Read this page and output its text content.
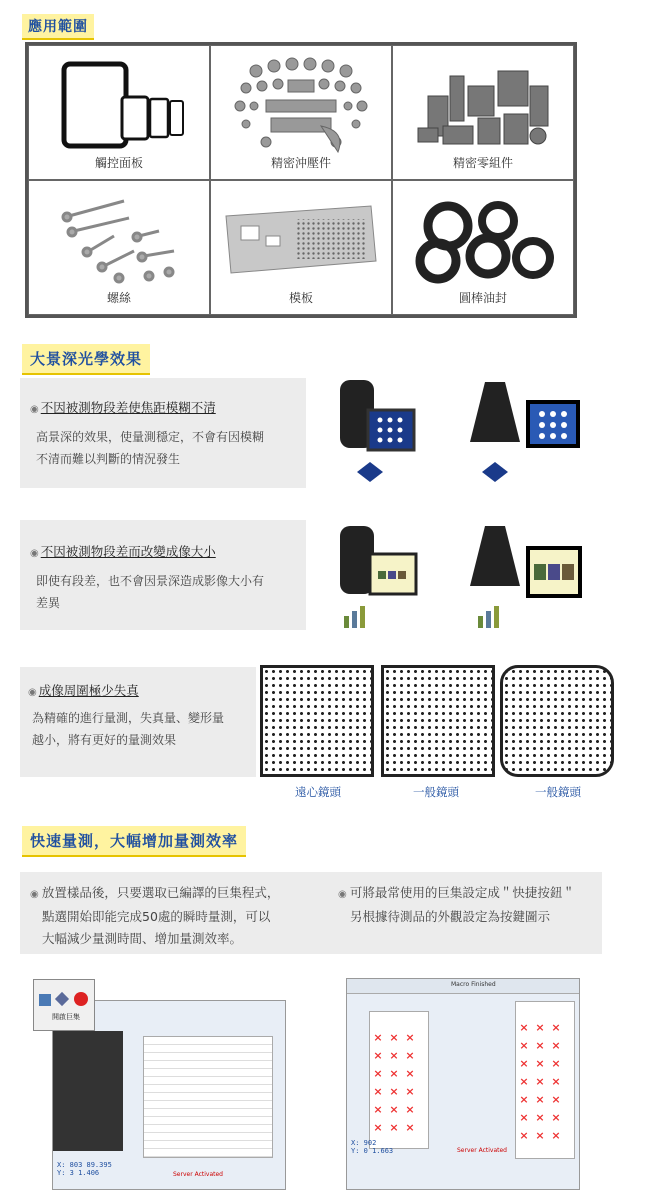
應用範圍
觸控面板	精密沖壓件	精密零組件
螺絲	模板	圓棒油封
大景深光學效果
◉ 不因被測物段差使焦距模糊不清
高景深的效果，使量測穩定，不會有因模糊
不清而難以判斷的情況發生
◉ 不因被測物段差而改變成像大小
即使有段差，也不會因景深造成影像大小有
差異
◉ 成像周圍極少失真
為精確的進行量測，失真量、變形量
越小，將有更好的量測效果
遠心鏡頭	一般鏡頭	一般鏡頭
快速量測，大幅增加量測效率
◉ 放置樣品後，只要選取已編譯的巨集程式，
點選開始即能完成50處的瞬時量測，可以
大幅減少量測時間、增加量測效率。
◉ 可將最常使用的巨集設定成＂快捷按鈕＂
另根據待測品的外觀設定為按鍵圖示
X: 803 89.395
Y: 3 1.406	Server Activated
開啟巨集
Macro Finished
× × ×
× × ×
× × ×
× × ×
× × ×
× × ×
× × ×
× × ×
× × ×
× × ×
× × ×
× × ×
× × ×
X: 902
Y: 0 1.663	Server Activated
